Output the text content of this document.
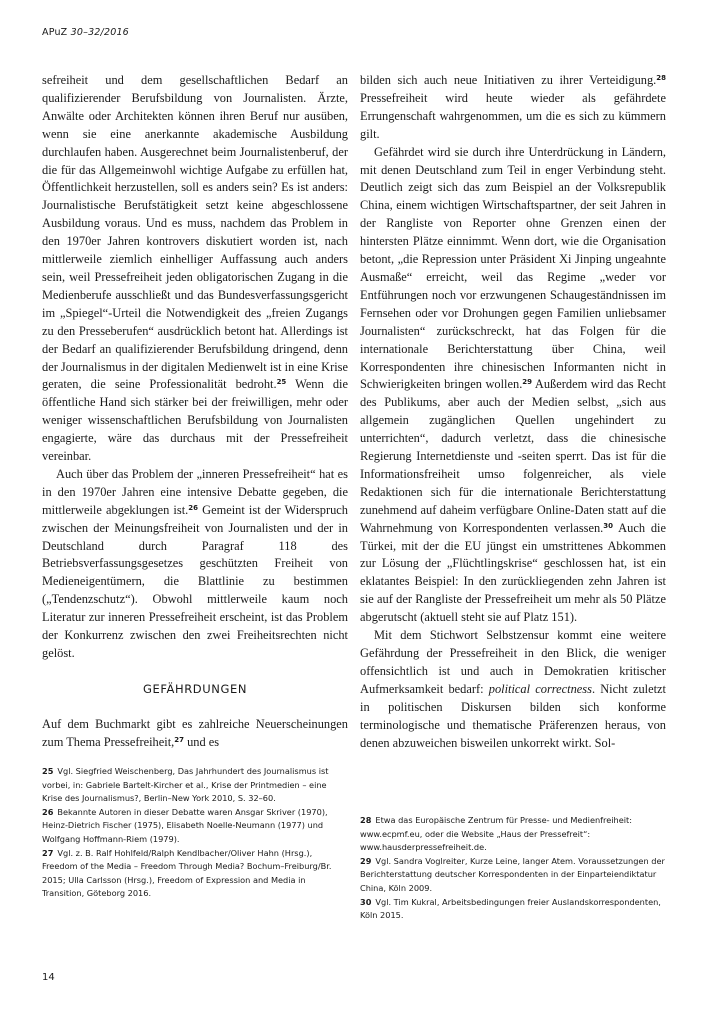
APuZ 30–32/2016

sefreiheit und dem gesellschaftlichen Bedarf an qualifizierender Berufsbildung von Journalisten. Ärzte, Anwälte oder Architekten können ihren Beruf nur ausüben, wenn sie eine anerkannte akademische Ausbildung durchlaufen haben. Ausgerechnet beim Journalistenberuf, der die für das Allgemeinwohl wichtige Aufgabe zu erfüllen hat, Öffentlichkeit herzustellen, soll es anders sein? Es ist anders: Journalistische Berufstätigkeit setzt keine abgeschlossene Ausbildung voraus. Und es muss, nachdem das Problem in den 1970er Jahren kontrovers diskutiert worden ist, nach mittlerweile ziemlich einhelliger Auffassung auch anders sein, weil Pressefreiheit jeden obligatorischen Zugang in die Medienberufe ausschließt und das Bundesverfassungsgericht im „Spiegel“-Urteil die Notwendigkeit des „freien Zugangs zu den Presseberufen“ ausdrücklich betont hat. Allerdings ist der Bedarf an qualifizierender Berufsbildung dringend, denn der Journalismus in der digitalen Medienwelt ist in eine Krise geraten, die seine Professionalität bedroht.$^{25}$ Wenn die öffentliche Hand sich stärker bei der freiwilligen, mehr oder weniger wissenschaftlichen Berufsbildung von Journalisten engagierte, wäre das durchaus mit der Pressefreiheit vereinbar.

Auch über das Problem der „inneren Pressefreiheit“ hat es in den 1970er Jahren eine intensive Debatte gegeben, die mittlerweile abgeklungen ist.$^{26}$ Gemeint ist der Widerspruch zwischen der Meinungsfreiheit von Journalisten und der in Deutschland durch Paragraf 118 des Betriebsverfassungsgesetzes geschützten Freiheit von Medieneigentümern, die Blattlinie zu bestimmen („Tendenzschutz“). Obwohl mittlerweile kaum noch Literatur zur inneren Pressefreiheit erscheint, ist das Problem der Konkurrenz zwischen den zwei Freiheitsrechten nicht gelöst.

GEFÄHRDUNGEN

Auf dem Buchmarkt gibt es zahlreiche Neuerscheinungen zum Thema Pressefreiheit,$^{27}$ und es

bilden sich auch neue Initiativen zu ihrer Verteidigung.$^{28}$ Pressefreiheit wird heute wieder als gefährdete Errungenschaft wahrgenommen, um die es sich zu kümmern gilt.

Gefährdet wird sie durch ihre Unterdrückung in Ländern, mit denen Deutschland zum Teil in enger Verbindung steht. Deutlich zeigt sich das zum Beispiel an der Volksrepublik China, einem wichtigen Wirtschaftspartner, der seit Jahren in der Rangliste von Reporter ohne Grenzen einen der hintersten Plätze einnimmt. Wenn dort, wie die Organisation betont, „die Repression unter Präsident Xi Jinping ungeahnte Ausmaße“ erreicht, weil das Regime „weder vor Entführungen noch vor erzwungenen Schaugeständnissen im Fernsehen oder vor Drohungen gegen Familien unliebsamer Journalisten“ zurückschreckt, hat das Folgen für die internationale Berichterstattung über China, weil Korrespondenten ihre chinesischen Informanten nicht in Schwierigkeiten bringen wollen.$^{29}$ Außerdem wird das Recht des Publikums, aber auch der Medien selbst, „sich aus allgemein zugänglichen Quellen ungehindert zu unterrichten“, dadurch verletzt, dass die chinesische Regierung Internetdienste und -seiten sperrt. Das ist für die Informationsfreiheit umso folgenreicher, als viele Redaktionen sich für die internationale Berichterstattung zunehmend auf daheim verfügbare Online-Daten statt auf die Wahrnehmung von Korrespondenten verlassen.$^{30}$ Auch die Türkei, mit der die EU jüngst ein umstrittenes Abkommen zur Lösung der „Flüchtlingskrise“ geschlossen hat, ist ein eklatantes Beispiel: In den zurückliegenden zehn Jahren ist sie auf der Rangliste der Pressefreiheit um mehr als 50 Plätze abgerutscht (aktuell steht sie auf Platz 151).

Mit dem Stichwort Selbstzensur kommt eine weitere Gefährdung der Pressefreiheit in den Blick, die weniger offensichtlich ist und auch in Demokratien kritischer Aufmerksamkeit bedarf: political correctness. Nicht zuletzt in politischen Diskursen bilden sich konforme terminologische und thematische Präferenzen heraus, von denen abzuweichen bisweilen unkorrekt wirkt. Sol-

25 Vgl. Siegfried Weischenberg, Das Jahrhundert des Journalismus ist vorbei, in: Gabriele Bartelt-Kircher et al., Krise der Printmedien – eine Krise des Journalismus?, Berlin–New York 2010, S. 32–60.

26 Bekannte Autoren in dieser Debatte waren Ansgar Skriver (1970), Heinz-Dietrich Fischer (1975), Elisabeth Noelle-Neumann (1977) und Wolfgang Hoffmann-Riem (1979).

27 Vgl. z. B. Ralf Hohlfeld/Ralph Kendlbacher/Oliver Hahn (Hrsg.), Freedom of the Media – Freedom Through Media? Bochum–Freiburg/Br. 2015; Ulla Carlsson (Hrsg.), Freedom of Expression and Media in Transition, Göteborg 2016.

28 Etwa das Europäische Zentrum für Presse- und Medienfreiheit: www.ecpmf.eu, oder die Website „Haus der Pressefreit“: www.hausderpressefreiheit.de.

29 Vgl. Sandra Voglreiter, Kurze Leine, langer Atem. Voraussetzungen der Berichterstattung deutscher Korrespondenten in der Einparteiendiktatur China, Köln 2009.

30 Vgl. Tim Kukral, Arbeitsbedingungen freier Auslandskorrespondenten, Köln 2015.

14
